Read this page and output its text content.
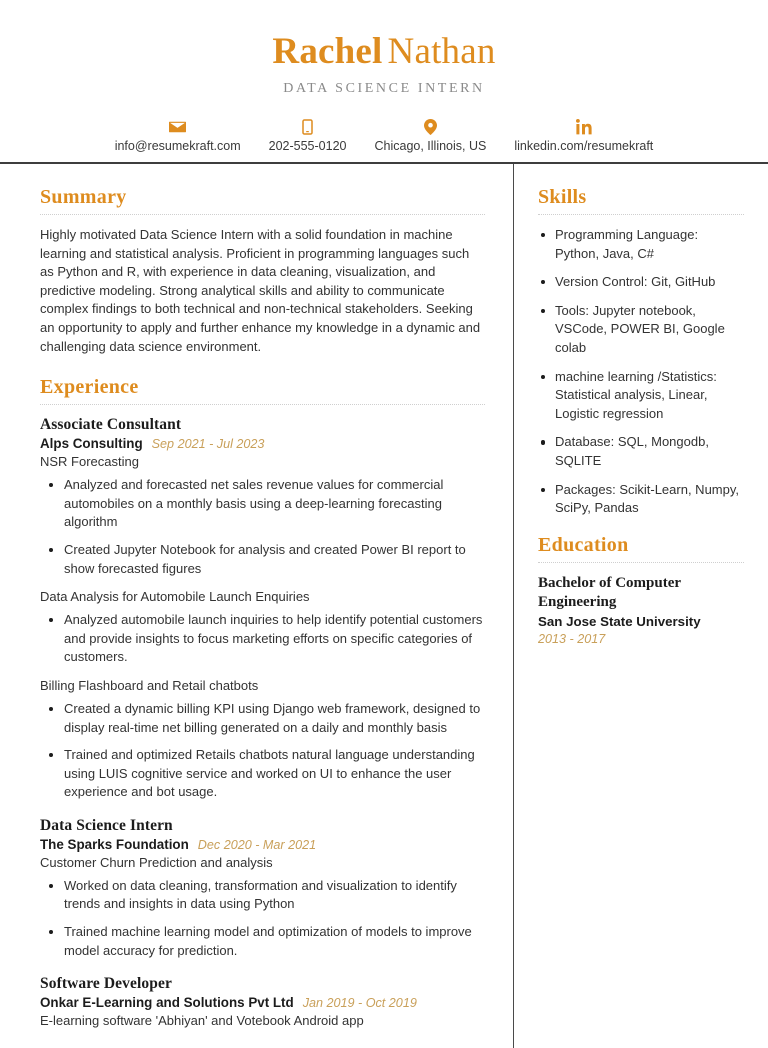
Rachel Nathan
DATA SCIENCE INTERN
info@resumekraft.com 202-555-0120 Chicago, Illinois, US linkedin.com/resumekraft
Summary
Highly motivated Data Science Intern with a solid foundation in machine learning and statistical analysis. Proficient in programming languages such as Python and R, with experience in data cleaning, visualization, and predictive modeling. Strong analytical skills and ability to communicate complex findings to both technical and non-technical stakeholders. Seeking an opportunity to apply and further enhance my knowledge in a dynamic and challenging data science environment.
Experience
Associate Consultant
Alps Consulting Sep 2021 - Jul 2023
NSR Forecasting
Analyzed and forecasted net sales revenue values for commercial automobiles on a monthly basis using a deep-learning forecasting algorithm
Created Jupyter Notebook for analysis and created Power BI report to show forecasted figures
Data Analysis for Automobile Launch Enquiries
Analyzed automobile launch inquiries to help identify potential customers and provide insights to focus marketing efforts on specific categories of customers.
Billing Flashboard and Retail chatbots
Created a dynamic billing KPI using Django web framework, designed to display real-time net billing generated on a daily and monthly basis
Trained and optimized Retails chatbots natural language understanding using LUIS cognitive service and worked on UI to enhance the user experience and bot usage.
Data Science Intern
The Sparks Foundation Dec 2020 - Mar 2021
Customer Churn Prediction and analysis
Worked on data cleaning, transformation and visualization to identify trends and insights in data using Python
Trained machine learning model and optimization of models to improve model accuracy for prediction.
Software Developer
Onkar E-Learning and Solutions Pvt Ltd Jan 2019 - Oct 2019
E-learning software 'Abhiyan' and Votebook Android app
Skills
Programming Language: Python, Java, C#
Version Control: Git, GitHub
Tools: Jupyter notebook, VSCode, POWER BI, Google colab
machine learning /Statistics: Statistical analysis, Linear, Logistic regression
Database: SQL, Mongodb, SQLITE
Packages: Scikit-Learn, Numpy, SciPy, Pandas
Education
Bachelor of Computer Engineering
San Jose State University
2013 - 2017
